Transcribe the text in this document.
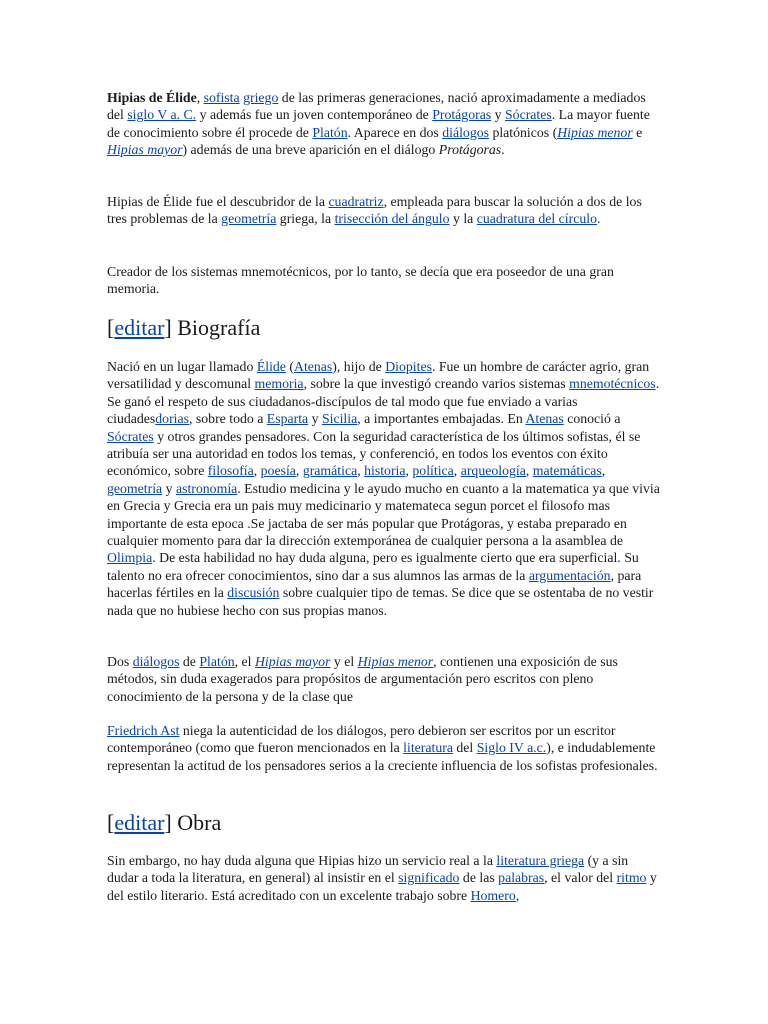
Hipias de Élide, sofista griego de las primeras generaciones, nació aproximadamente a mediados del siglo V a. C. y además fue un joven contemporáneo de Protágoras y Sócrates. La mayor fuente de conocimiento sobre él procede de Platón. Aparece en dos diálogos platónicos (Hipias menor e Hipias mayor) además de una breve aparición en el diálogo Protágoras.

Hipias de Élide fue el descubridor de la cuadratriz, empleada para buscar la solución a dos de los tres problemas de la geometría griega, la trisección del ángulo y la cuadratura del círculo.

Creador de los sistemas mnemotécnicos, por lo tanto, se decía que era poseedor de una gran memoria.

[editar] Biografía

Nació en un lugar llamado Élide (Atenas), hijo de Diopites. Fue un hombre de carácter agrio, gran versatilidad y descomunal memoria, sobre la que investigó creando varios sistemas mnemotécnicos. Se ganó el respeto de sus ciudadanos-discípulos de tal modo que fue enviado a varias ciudadesdorias, sobre todo a Esparta y Sicilia, a importantes embajadas. En Atenas conoció a Sócrates y otros grandes pensadores. Con la seguridad característica de los últimos sofistas, él se atribuía ser una autoridad en todos los temas, y conferenció, en todos los eventos con éxito económico, sobre filosofía, poesía, gramática, historia, política, arqueología, matemáticas, geometría y astronomía. Estudio medicina y le ayudo mucho en cuanto a la matematica ya que vivia en Grecia y Grecia era un pais muy medicinario y matemateca segun porcet el filosofo mas importante de esta epoca .Se jactaba de ser más popular que Protágoras, y estaba preparado en cualquier momento para dar la dirección extemporánea de cualquier persona a la asamblea de Olimpia. De esta habilidad no hay duda alguna, pero es igualmente cierto que era superficial. Su talento no era ofrecer conocimientos, sino dar a sus alumnos las armas de la argumentación, para hacerlas fértiles en la discusión sobre cualquier tipo de temas. Se dice que se ostentaba de no vestir nada que no hubiese hecho con sus propias manos.

Dos diálogos de Platón, el Hipias mayor y el Hipias menor, contienen una exposición de sus métodos, sin duda exagerados para propósitos de argumentación pero escritos con pleno conocimiento de la persona y de la clase que

Friedrich Ast niega la autenticidad de los diálogos, pero debieron ser escritos por un escritor contemporáneo (como que fueron mencionados en la literatura del Siglo IV a.c.), e indudablemente representan la actitud de los pensadores serios a la creciente influencia de los sofistas profesionales.

[editar] Obra

Sin embargo, no hay duda alguna que Hipias hizo un servicio real a la literatura griega (y a sin dudar a toda la literatura, en general) al insistir en el significado de las palabras, el valor del ritmo y del estilo literario. Está acreditado con un excelente trabajo sobre Homero,
